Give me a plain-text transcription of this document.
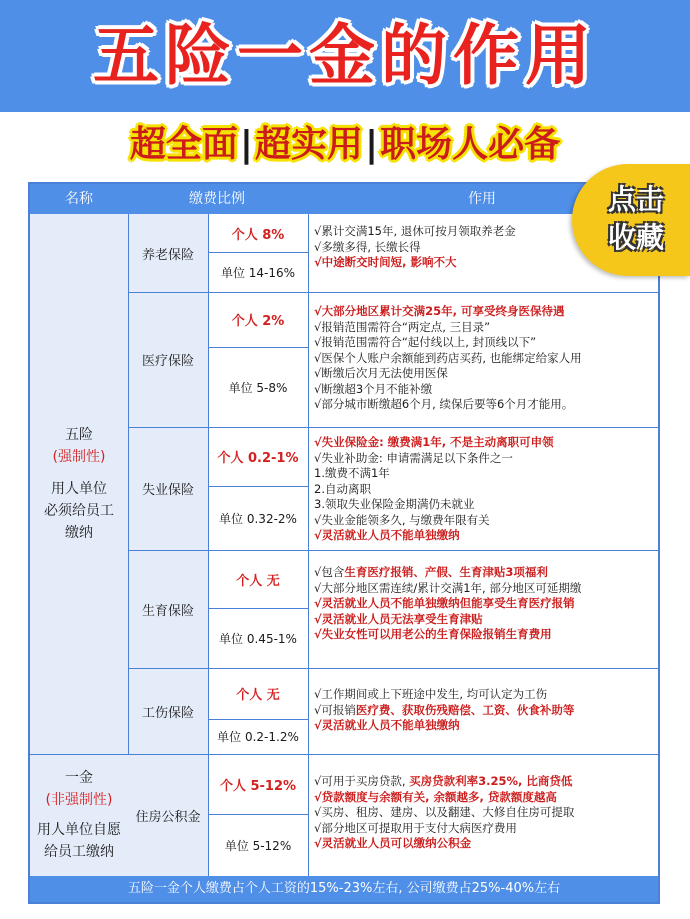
五险一金的作用
超全面|超实用|职场人必备
名称	缴费比例	作用
五险
(强制性)
用人单位
必须给员工
缴纳
一金
(非强制性)
用人单位自愿
给员工缴纳
养老保险
医疗保险
失业保险
生育保险
工伤保险
住房公积金
个人 8%
单位 14-16%
个人 2%
单位 5-8%
个人 0.2-1%
单位 0.32-2%
个人 无
单位 0.45-1%
个人 无
单位 0.2-1.2%
个人 5-12%
单位 5-12%
√累计交满15年, 退休可按月领取养老金
√多缴多得, 长缴长得
√中途断交时间短, 影响不大
√大部分地区累计交满25年, 可享受终身医保待遇
√报销范围需符合“两定点, 三目录”
√报销范围需符合“起付线以上, 封顶线以下”
√医保个人账户余额能到药店买药, 也能绑定给家人用
√断缴后次月无法使用医保
√断缴超3个月不能补缴
√部分城市断缴超6个月, 续保后要等6个月才能用。
√失业保险金: 缴费满1年, 不是主动离职可申领
√失业补助金: 申请需满足以下条件之一
1.缴费不满1年
2.自动离职
3.领取失业保险金期满仍未就业
√失业金能领多久, 与缴费年限有关
√灵活就业人员不能单独缴纳
√包含生育医疗报销、产假、生育津贴3项福利
√大部分地区需连续/累计交满1年, 部分地区可延期缴
√灵活就业人员不能单独缴纳但能享受生育医疗报销
√灵活就业人员无法享受生育津贴
√失业女性可以用老公的生育保险报销生育费用
√工作期间或上下班途中发生, 均可认定为工伤
√可报销医疗费、获取伤残赔偿、工资、伙食补助等
√灵活就业人员不能单独缴纳
√可用于买房贷款, 买房贷款利率3.25%, 比商贷低
√贷款额度与余额有关, 余额越多, 贷款额度越高
√买房、租房、建房、以及翻建、大修自住房可提取
√部分地区可提取用于支付大病医疗费用
√灵活就业人员可以缴纳公积金
五险一金个人缴费占个人工资的15%-23%左右, 公司缴费占25%-40%左右
点击
收藏
